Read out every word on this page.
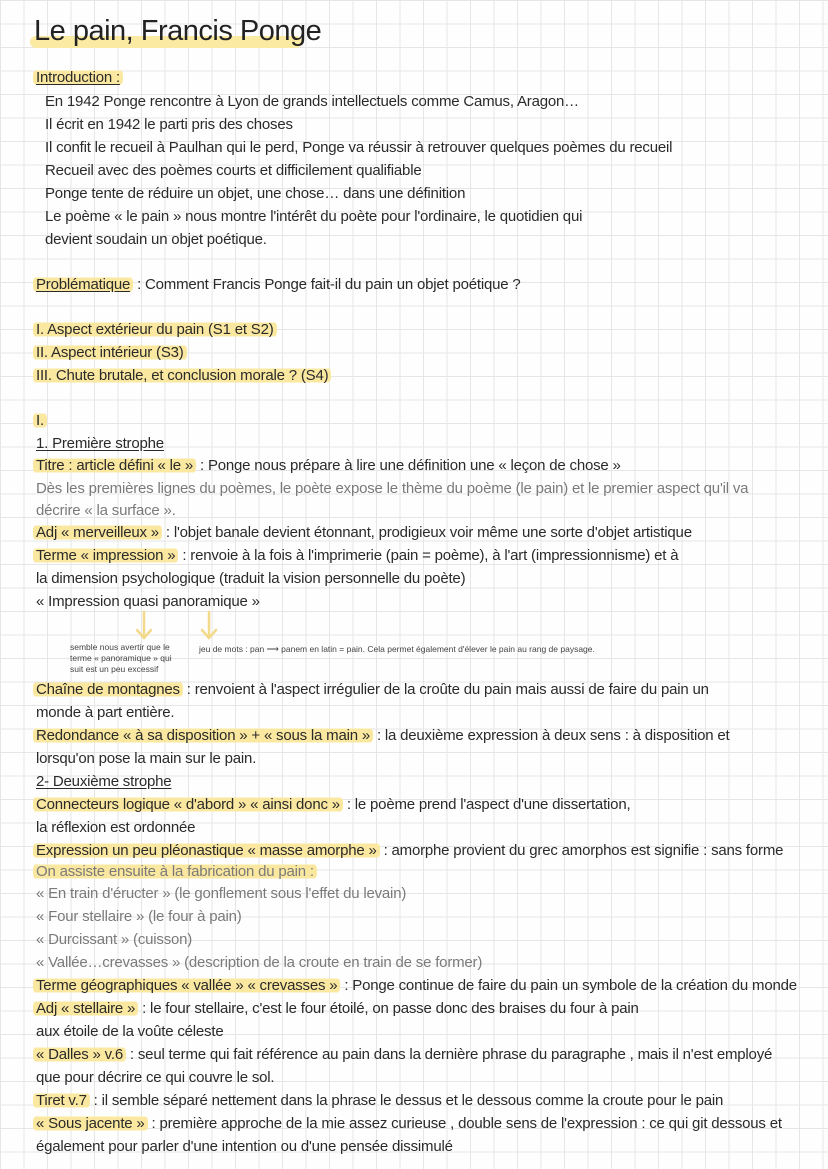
Le pain, Francis Ponge
Introduction :
En 1942 Ponge rencontre à Lyon de grands intellectuels comme Camus, Aragon…
Il écrit en 1942 le parti pris des choses
Il confit le recueil à Paulhan qui le perd, Ponge va réussir à retrouver quelques poèmes du recueil
Recueil avec des poèmes courts et difficilement qualifiable
Ponge tente de réduire un objet, une chose… dans une définition
Le poème « le pain » nous montre l'intérêt du poète pour l'ordinaire, le quotidien qui
devient soudain un objet poétique.
Problématique : Comment Francis Ponge fait-il du pain un objet poétique ?
I. Aspect extérieur du pain (S1 et S2)
II. Aspect intérieur (S3)
III. Chute brutale, et conclusion morale ? (S4)
I.
1. Première strophe
Titre : article défini « le » : Ponge nous prépare à lire une définition une « leçon de chose »
Dès les premières lignes du poèmes, le poète expose le thème du poème (le pain) et le premier aspect qu'il va
décrire « la surface ».
Adj « merveilleux » : l'objet banale devient étonnant, prodigieux voir même une sorte d'objet artistique
Terme « impression » : renvoie à la fois à l'imprimerie (pain = poème), à l'art (impressionnisme) et à
la dimension psychologique (traduit la vision personnelle du poète)
« Impression quasi panoramique »
semble nous avertir que le
terme « panoramique » qui
suit est un peu excessif
jeu de mots : pan ⟶ panem en latin = pain. Cela permet également d'élever le pain au rang de paysage.
Chaîne de montagnes : renvoient à l'aspect irrégulier de la croûte du pain mais aussi de faire du pain un
monde à part entière.
Redondance « à sa disposition » + « sous la main » : la deuxième expression à deux sens : à disposition et
lorsqu'on pose la main sur le pain.
2- Deuxième strophe
Connecteurs logique « d'abord » « ainsi donc » : le poème prend l'aspect d'une dissertation,
la réflexion est ordonnée
Expression un peu pléonastique « masse amorphe » : amorphe provient du grec amorphos est signifie : sans forme
On assiste ensuite à la fabrication du pain :
« En train d'éructer » (le gonflement sous l'effet du levain)
« Four stellaire » (le four à pain)
« Durcissant » (cuisson)
« Vallée…crevasses » (description de la croute en train de se former)
Terme géographiques « vallée » « crevasses » : Ponge continue de faire du pain un symbole de la création du monde
Adj « stellaire » : le four stellaire, c'est le four étoilé, on passe donc des braises du four à pain
aux étoile de la voûte céleste
« Dalles » v.6 : seul terme qui fait référence au pain dans la dernière phrase du paragraphe , mais il n'est employé
que pour décrire ce qui couvre le sol.
Tiret v.7 : il semble séparé nettement dans la phrase le dessus et le dessous comme la croute pour le pain
« Sous jacente » : première approche de la mie assez curieuse , double sens de l'expression : ce qui git dessous et
également pour parler d'une intention ou d'une pensée dissimulé
